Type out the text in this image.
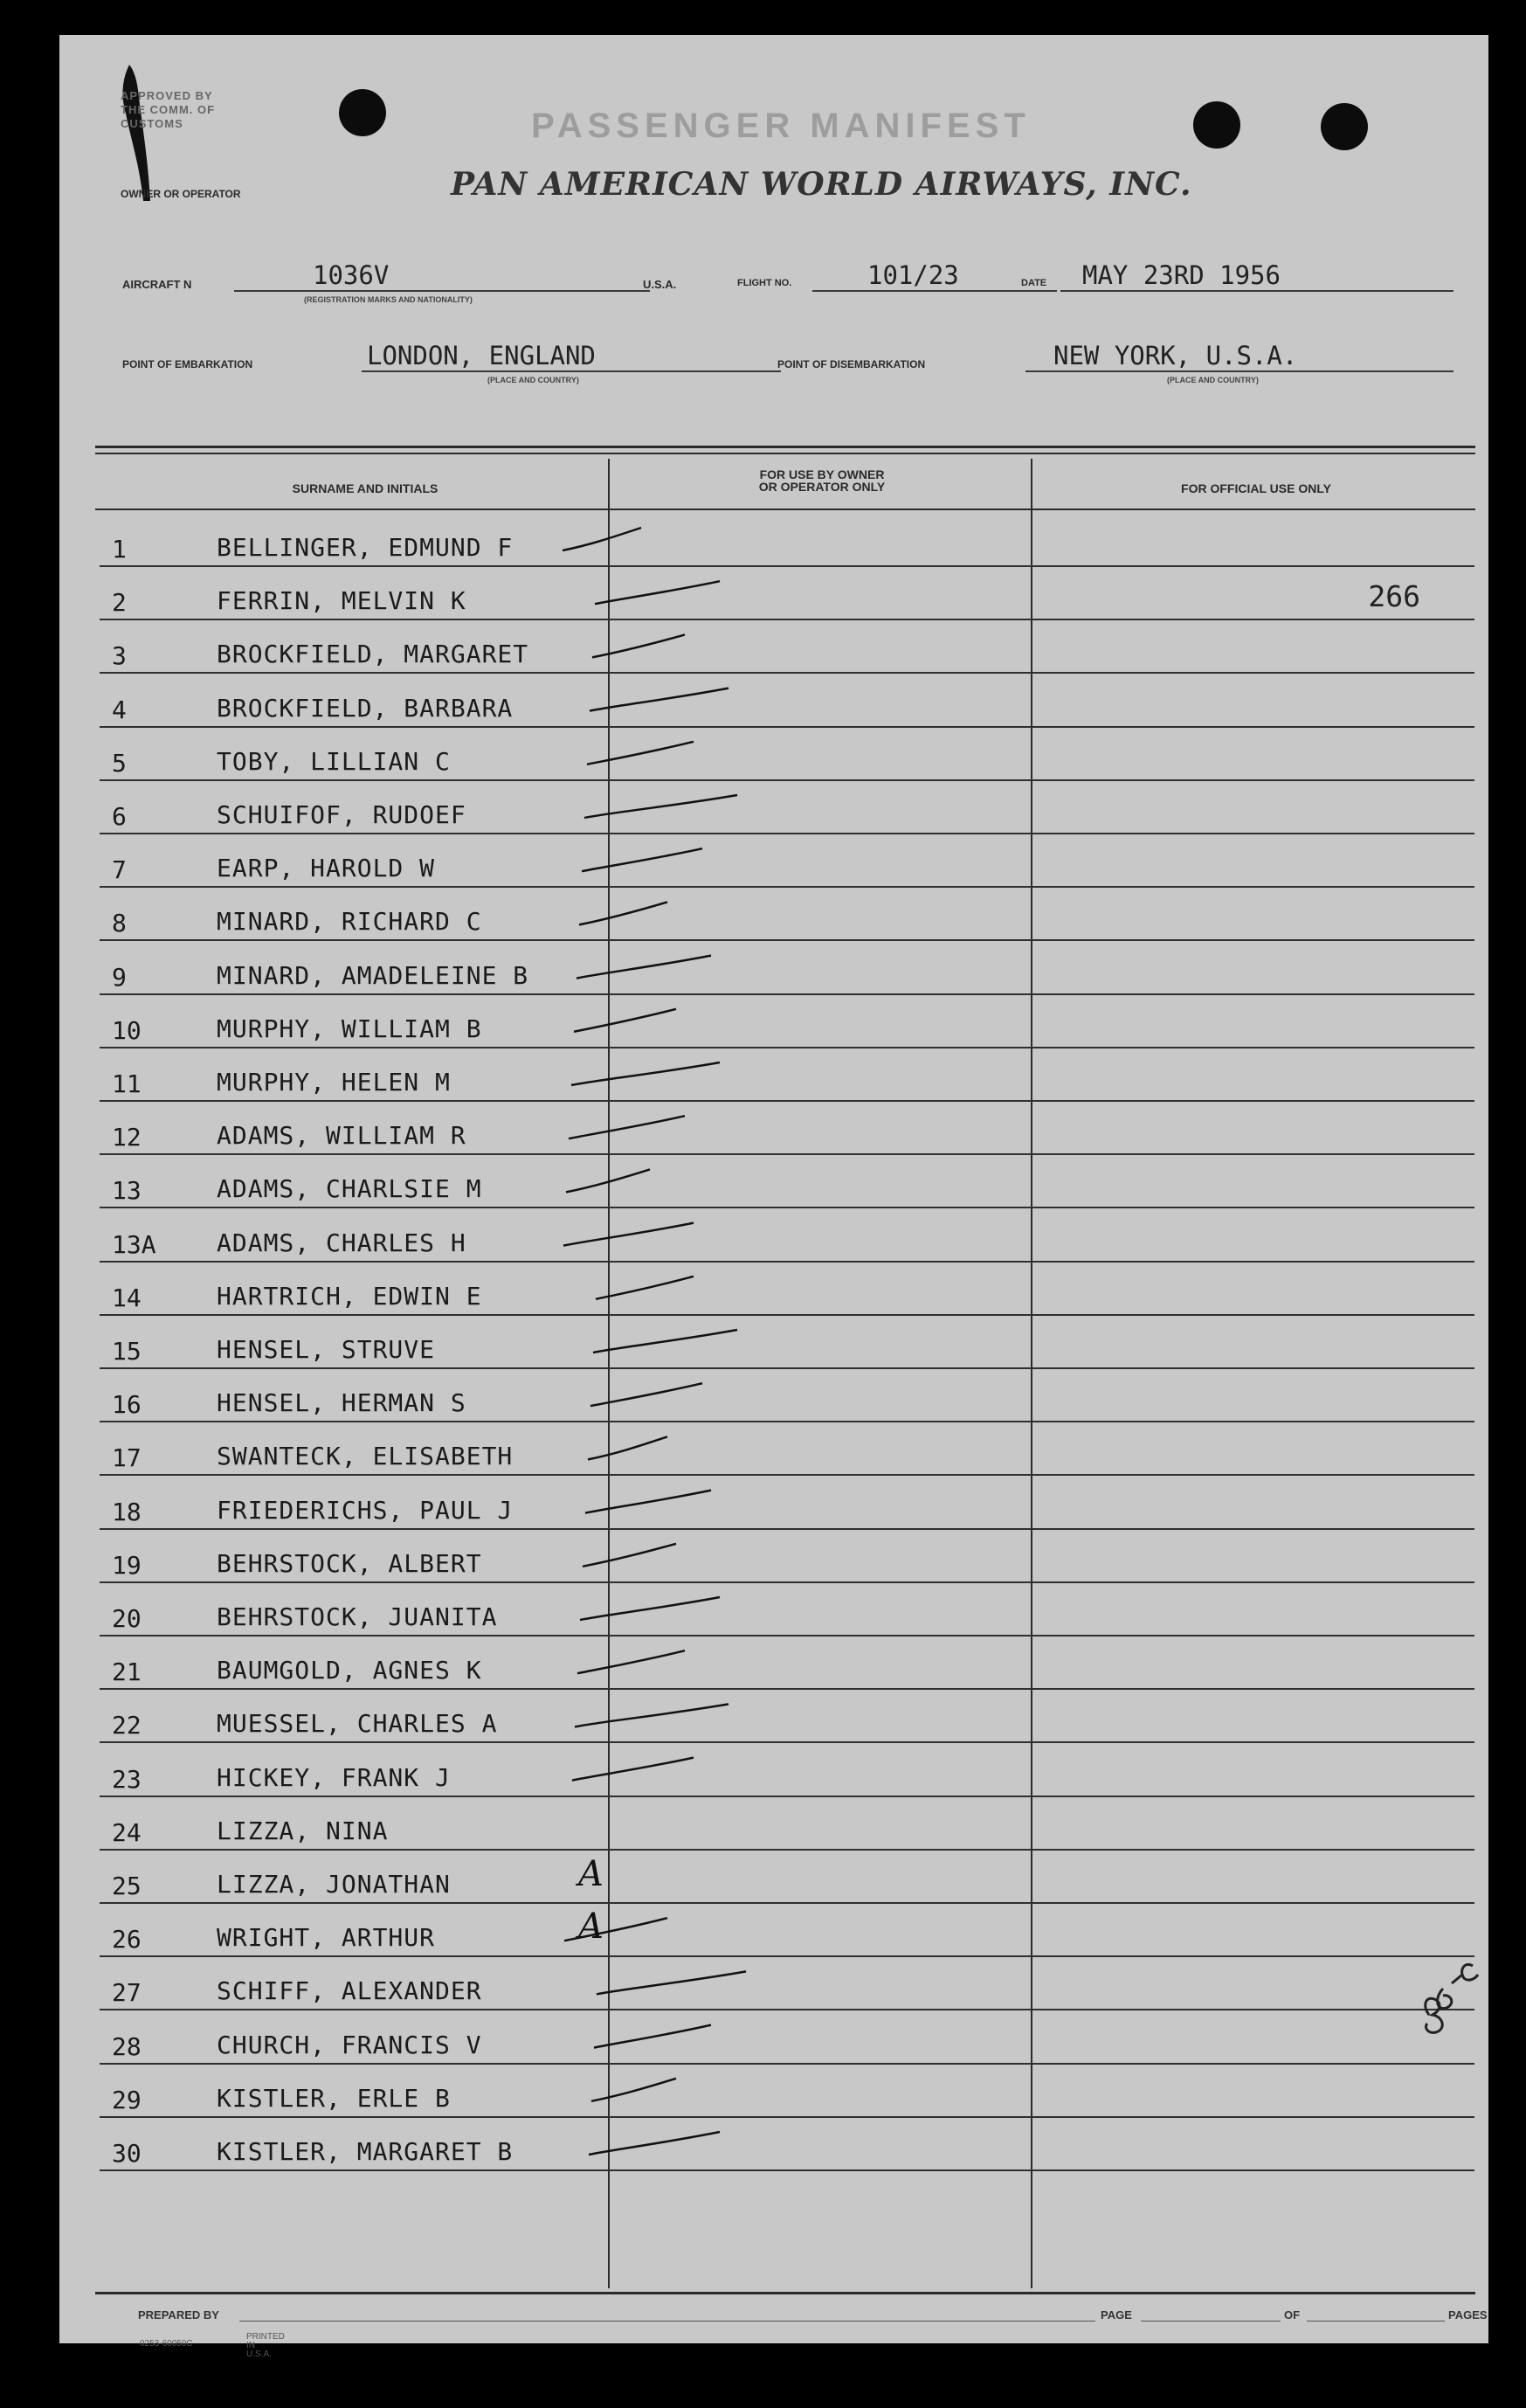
APPROVED BY THE COMM. OF CUSTOMS	PASSENGER MANIFEST
PAN AMERICAN WORLD AIRWAYS, INC.
OWNER OR OPERATOR
AIRCRAFT N	1036V
(REGISTRATION MARKS AND NATIONALITY)
U.S.A.	FLIGHT NO.	101/23	DATE MAY 23RD 1956
POINT OF EMBARKATION	LONDON, ENGLAND
(PLACE AND COUNTRY)
POINT OF DISEMBARKATION	NEW YORK, U.S.A.
(PLACE AND COUNTRY)
SURNAME AND INITIALS
FOR USE BY OWNER
OR OPERATOR ONLY	FOR OFFICIAL USE ONLY
1	BELLINGER, EDMUND F
2	FERRIN, MELVIN K	266
3	BROCKFIELD, MARGARET
4	BROCKFIELD, BARBARA
5	TOBY, LILLIAN C
6	SCHUIFOF, RUDOEF
7	EARP, HAROLD W
8	MINARD, RICHARD C
9	MINARD, AMADELEINE B
10	MURPHY, WILLIAM B
11	MURPHY, HELEN M
12	ADAMS, WILLIAM R
13	ADAMS, CHARLSIE M
13A ADAMS, CHARLES H
14	HARTRICH, EDWIN E
15	HENSEL, STRUVE
16	HENSEL, HERMAN S
17	SWANTECK, ELISABETH
18	FRIEDERICHS, PAUL J
19	BEHRSTOCK, ALBERT
20	BEHRSTOCK, JUANITA
21	BAUMGOLD, AGNES K
22	MUESSEL, CHARLES A
23	HICKEY, FRANK J
24	LIZZA, NINA
25	LIZZA, JONATHAN
26	WRIGHT, ARTHUR
27	SCHIFF, ALEXANDER
28	CHURCH, FRANCIS V
29	KISTLER, ERLE B
30	KISTLER, MARGARET B
A
A
PREPARED BY	PAGE	OF	PAGES
0253-60050C
PRINTED IN U.S.A.
